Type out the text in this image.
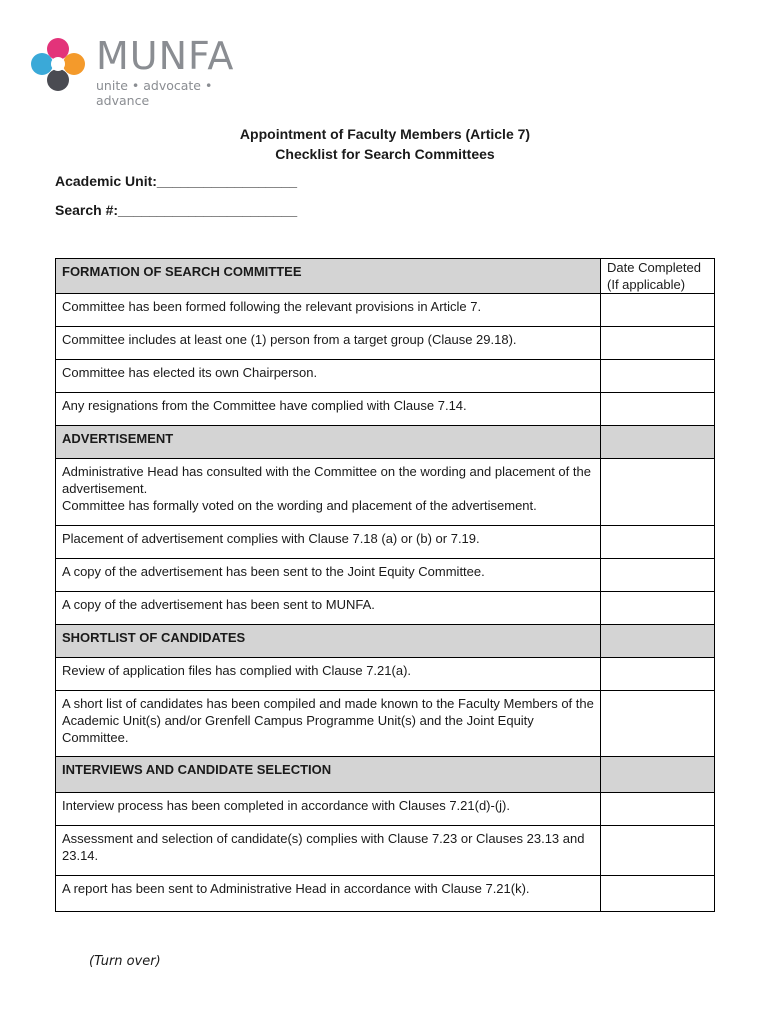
MUNFA
unite • advocate • advance
Appointment of Faculty Members (Article 7)
Checklist for Search Committees
Academic Unit:__________________
Search #:_______________________
FORMATION OF SEARCH COMMITTEE	Date Completed
(If applicable)

Committee has been formed following the relevant provisions in Article 7.	
Committee includes at least one (1) person from a target group (Clause 29.18).	
Committee has elected its own Chairperson.	
Any resignations from the Committee have complied with Clause 7.14.	
ADVERTISEMENT	

Administrative Head has consulted with the Committee on the wording and placement of the advertisement.
Committee has formally voted on the wording and placement of the advertisement.	

Placement of advertisement complies with Clause 7.18 (a) or (b) or 7.19.	
A copy of the advertisement has been sent to the Joint Equity Committee.	
A copy of the advertisement has been sent to MUNFA.	
SHORTLIST OF CANDIDATES	
Review of application files has complied with Clause 7.21(a).	
A short list of candidates has been compiled and made known to the Faculty Members of the Academic Unit(s) and/or Grenfell Campus Programme Unit(s) and the Joint Equity Committee.	
INTERVIEWS AND CANDIDATE SELECTION	
Interview process has been completed in accordance with Clauses 7.21(d)-(j).	
Assessment and selection of candidate(s) complies with Clause 7.23 or Clauses 23.13 and 23.14.	
A report has been sent to Administrative Head in accordance with Clause 7.21(k).	
(Turn over)
